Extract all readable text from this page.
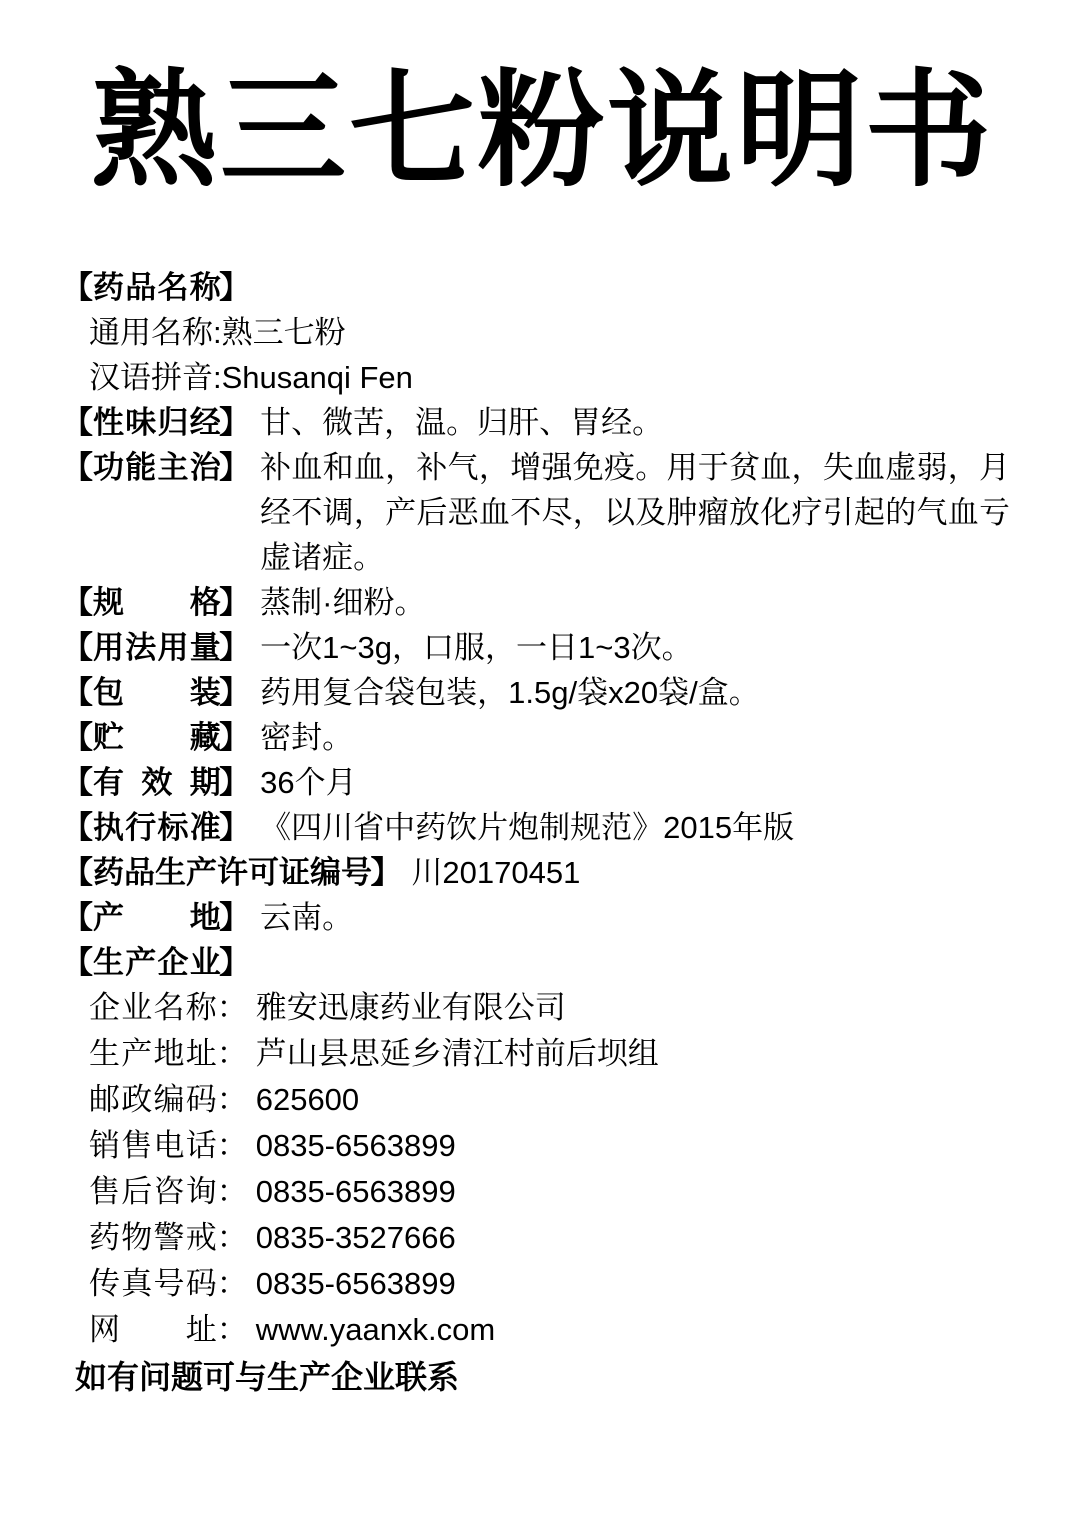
熟三七粉说明书
【 药 品 名 称
】
通用名称:熟三七粉
汉语拼音:Shusanqi Fen
【 性 味 归 经
】 甘、微苦，温。归肝、胃经。
【 功 能 主 治
】 补血和血，补气，增强免疫。用于贫血，失血虚弱，月经不调，产后恶血不尽，以及肿瘤放化疗引起的气血亏虚诸症。
【 规 格
】 蒸制·细粉。
【 用 法 用 量
】 一次1~3g，口服，一日1~3次。
【 包 装
】 药用复合袋包装，1.5g/袋x20袋/盒。
【 贮 藏
】 密封。
【 有 效 期
】 36个月
【 执 行 标 准
】 《四川省中药饮片炮制规范》2015年版
【 药 品 生 产 许 可 证 编 号
】 川20170451
【 产 地
】 云南。
【 生 产 企 业
】
企 业 名 称 ： 雅安迅康药业有限公司
生 产 地 址 ： 芦山县思延乡清江村前后坝组
邮 政 编 码 ： 625600
销 售 电 话 ： 0835-6563899
售 后 咨 询 ： 0835-6563899
药 物 警 戒 ： 0835-3527666
传 真 号 码 ： 0835-6563899
网 址 ： www.yaanxk.com
如有问题可与生产企业联系
